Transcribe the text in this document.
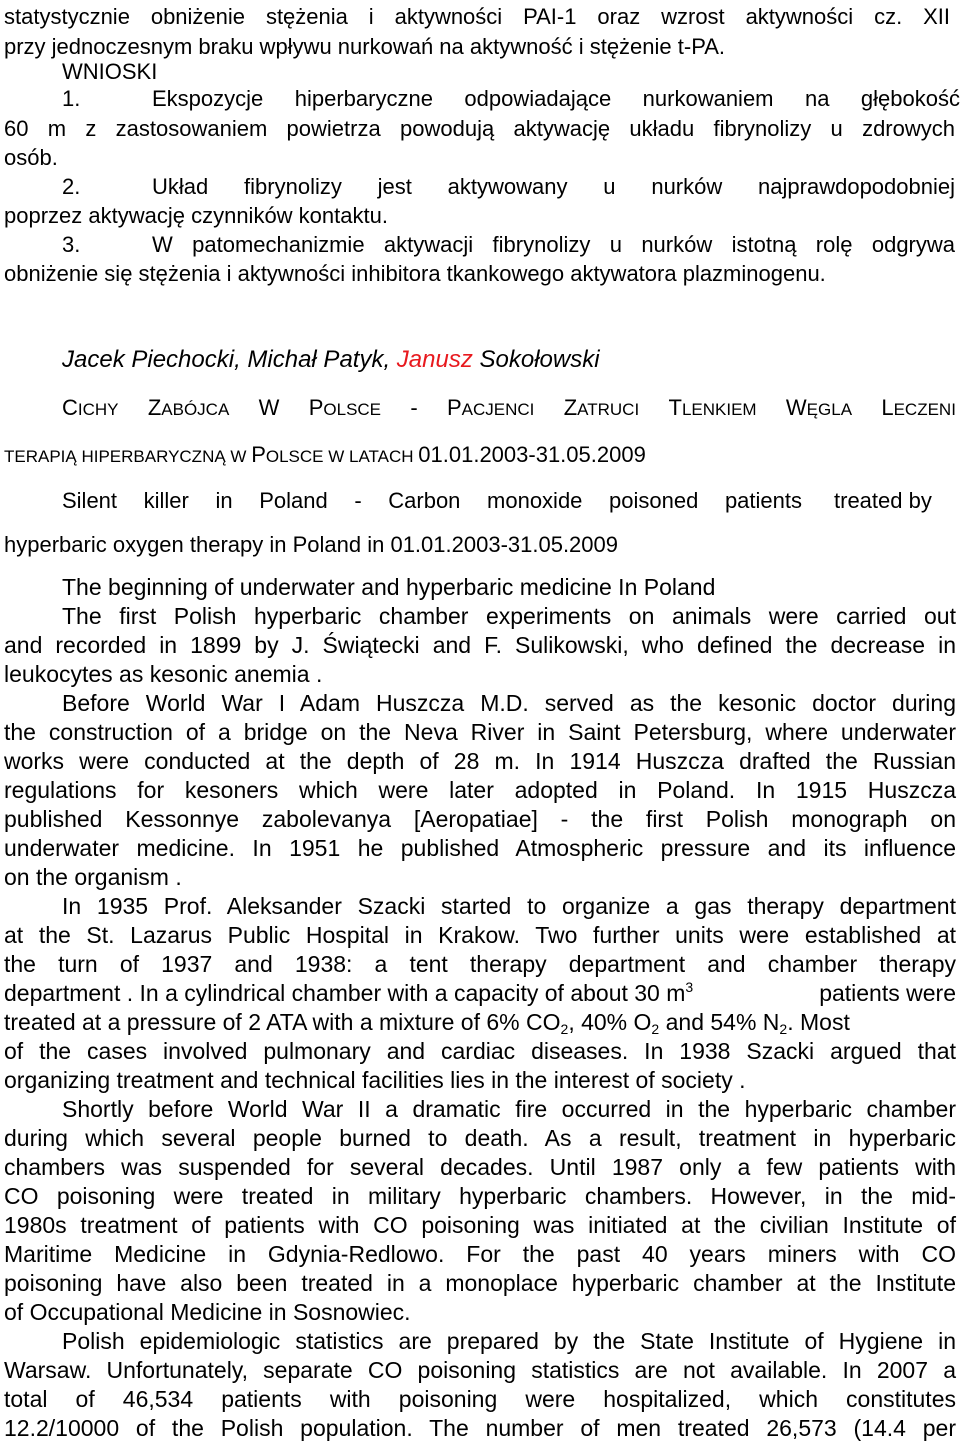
statystycznie obniżenie stężenia i aktywności PAI-1 oraz wzrost aktywności cz. XII
przy jednoczesnym braku wpływu nurkowań na aktywność i stężenie t-PA.
WNIOSKI
1.	Ekspozycje hiperbaryczne odpowiadające nurkowaniem na głębokość
60 m z zastosowaniem powietrza powodują aktywację układu fibrynolizy u zdrowych
osób.
2.	Układ fibrynolizy jest aktywowany u nurków najprawdopodobniej
poprzez aktywację czynników kontaktu.
3.	W patomechanizmie aktywacji fibrynolizy u nurków istotną rolę odgrywa
obniżenie się stężenia i aktywności inhibitora tkankowego aktywatora plazminogenu.
Jacek Piechocki, Michał Patyk, Janusz Sokołowski
CICHY ZABÓJCA W POLSCE - PACJENCI ZATRUCI TLENKIEM WĘGLA LECZENI
TERAPIĄ HIPERBARYCZNĄ W POLSCE W LATACH 01.01.2003-31.05.2009
Silent killer in Poland - Carbon monoxide poisoned patients treated by
hyperbaric oxygen therapy in Poland in 01.01.2003-31.05.2009
The beginning of underwater and hyperbaric medicine In Poland
The first Polish hyperbaric chamber experiments on animals were carried out
and recorded in 1899 by J. Świątecki and F. Sulikowski, who defined the decrease in
leukocytes as kesonic anemia .
Before World War I Adam Huszcza M.D. served as the kesonic doctor during
the construction of a bridge on the Neva River in Saint Petersburg, where underwater
works were conducted at the depth of 28 m. In 1914 Huszcza drafted the Russian
regulations for kesoners which were later adopted in Poland. In 1915 Huszcza
published Kessonnye zabolevanya [Aeropatiae] - the first Polish monograph on
underwater medicine. In 1951 he published Atmospheric pressure and its influence
on the organism .
In 1935 Prof. Aleksander Szacki started to organize a gas therapy department
at the St. Lazarus Public Hospital in Krakow. Two further units were established at
the turn of 1937 and 1938: a tent therapy department and chamber therapy
department . In a cylindrical chamber with a capacity of about 30 $m^3$	patients were
treated at a pressure of 2 ATA with a mixture of 6% $CO_2$, 40% $O_2$ and 54% $N_2$. Most
of the cases involved pulmonary and cardiac diseases. In 1938 Szacki argued that
organizing treatment and technical facilities lies in the interest of society .
Shortly before World War II a dramatic fire occurred in the hyperbaric chamber
during which several people burned to death. As a result, treatment in hyperbaric
chambers was suspended for several decades. Until 1987 only a few patients with
CO poisoning were treated in military hyperbaric chambers. However, in the mid-
1980s treatment of patients with CO poisoning was initiated at the civilian Institute of
Maritime Medicine in Gdynia-Redlowo. For the past 40 years miners with CO
poisoning have also been treated in a monoplace hyperbaric chamber at the Institute
of Occupational Medicine in Sosnowiec.
Polish epidemiologic statistics are prepared by the State Institute of Hygiene in
Warsaw. Unfortunately, separate CO poisoning statistics are not available. In 2007 a
total of 46,534 patients with poisoning were hospitalized, which constitutes
12.2/10000 of the Polish population. The number of men treated 26,573 (14.4 per
